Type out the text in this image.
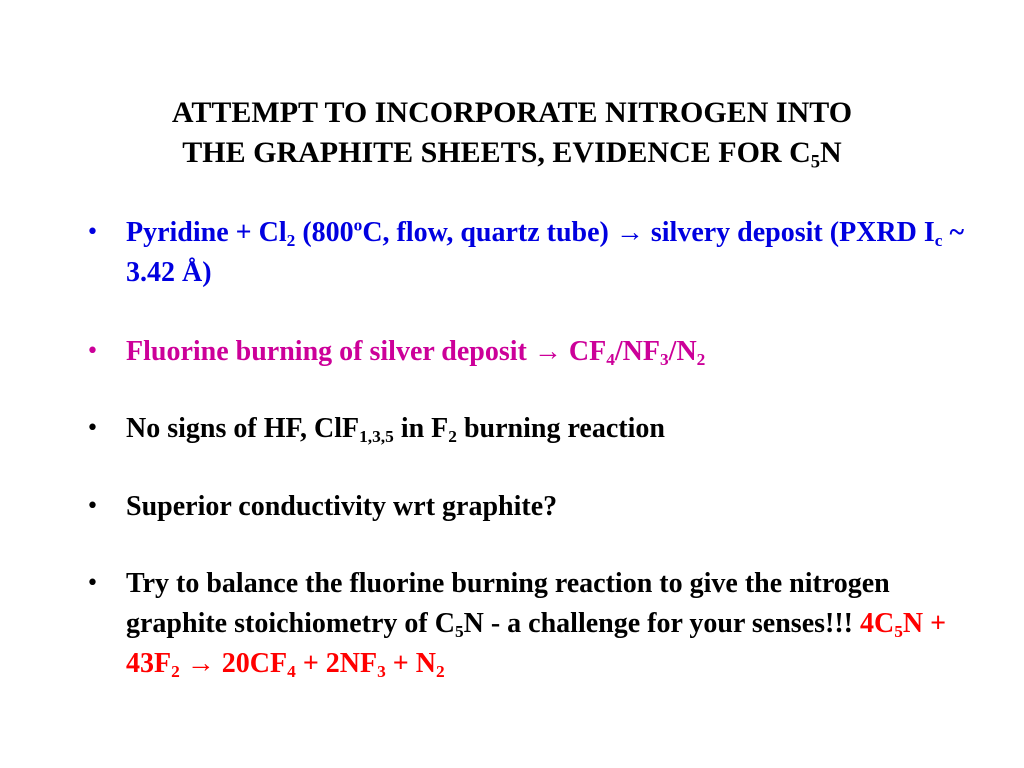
ATTEMPT TO INCORPORATE NITROGEN INTO
THE GRAPHITE SHEETS, EVIDENCE FOR $C_5N$
• Pyridine + $Cl_2$ (800$^o$C, flow, quartz tube) → silvery deposit (PXRD $I_c$ ~ 3.42 Å)
• Fluorine burning of silver deposit → $CF_4/NF_3/N_2$
• No signs of HF, ClF$_{1,3,5}$ in $F_2$ burning reaction
• Superior conductivity wrt graphite?
• Try to balance the fluorine burning reaction to give the nitrogen graphite stoichiometry of $C_5N$ - a challenge for your senses!!! $4C_5N + 43F_2 \to 20CF_4 + 2NF_3 + N_2$
